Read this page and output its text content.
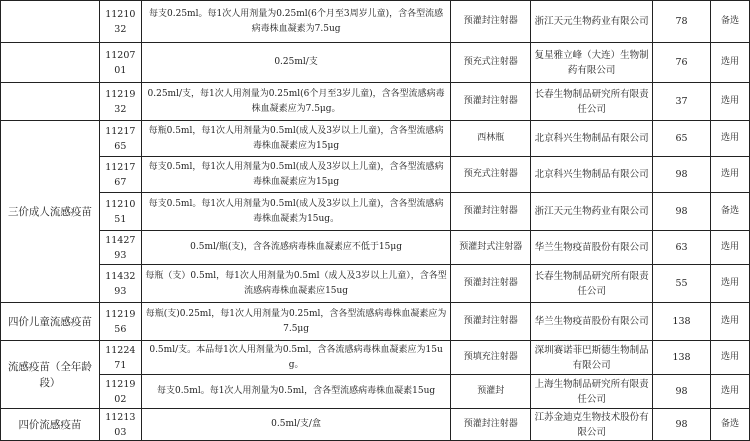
	1121032	每支0.25ml。每1次人用剂量为0.25ml(6个月至3周岁儿童)，含各型流感病毒株血凝素为7.5ug	预灌封注射器	浙江天元生物药业有限公司	78	备选
	1120701	0.25ml/支	预充式注射器	复星雅立峰（大连）生物制药有限公司	76	选用
	1121932	0.25ml/支，每1次人用剂量为0.25ml(6个月至3岁儿童)，含各型流感病毒株血凝素应为7.5μg。	预灌封注射器	长春生物制品研究所有限责任公司	37	选用
三价成人流感疫苗	1121765	每瓶0.5ml，每1次人用剂量为0.5ml(成人及3岁以上儿童)，含各型流感病毒株血凝素应为15μg	西林瓶	北京科兴生物制品有限公司	65	选用
	1121767	每支0.5ml，每1次人用剂量为0.5ml(成人及3岁以上儿童)，含各型流感病毒株血凝素应为15μg	预充式注射器	北京科兴生物制品有限公司	98	选用
	1121051	每支0.5ml。每1次人用剂量为0.5ml(成人及3岁以上儿童)，含各型流感病毒株血凝素为15ug。	预灌封注射器	浙江天元生物药业有限公司	98	备选
	1142793	0.5ml/瓶(支)，含各流感病毒株血凝素应不低于15μg	预灌封式注射器	华兰生物疫苗股份有限公司	63	选用
	1143293	每瓶（支）0.5ml，每1次人用剂量为0.5ml（成人及3岁以上儿童），含各型流感病毒株血凝素应15ug	预灌封注射器	长春生物制品研究所有限责任公司	55	选用
四价儿童流感疫苗	1121956	每瓶(支)0.25ml，每1次人用剂量为0.25ml，含各型流感病毒株血凝素应为7.5μg	预灌封注射器	华兰生物疫苗股份有限公司	138	选用
流感疫苗（全年龄段）	1122471	0.5ml/支。本品每1次人用剂量为0.5ml，含各流感病毒株血凝素应为15ug。	预填充注射器	深圳赛诺菲巴斯德生物制品有限公司	138	选用
	1121902	每支0.5ml。每1次人用剂量为0.5ml，含各型流感病毒株血凝素15ug	预灌封	上海生物制品研究所有限责任公司	98	选用
四价流感疫苗	1121303	0.5ml/支/盒	预灌封注射器	江苏金迪克生物技术股份有限公司	98	备选
